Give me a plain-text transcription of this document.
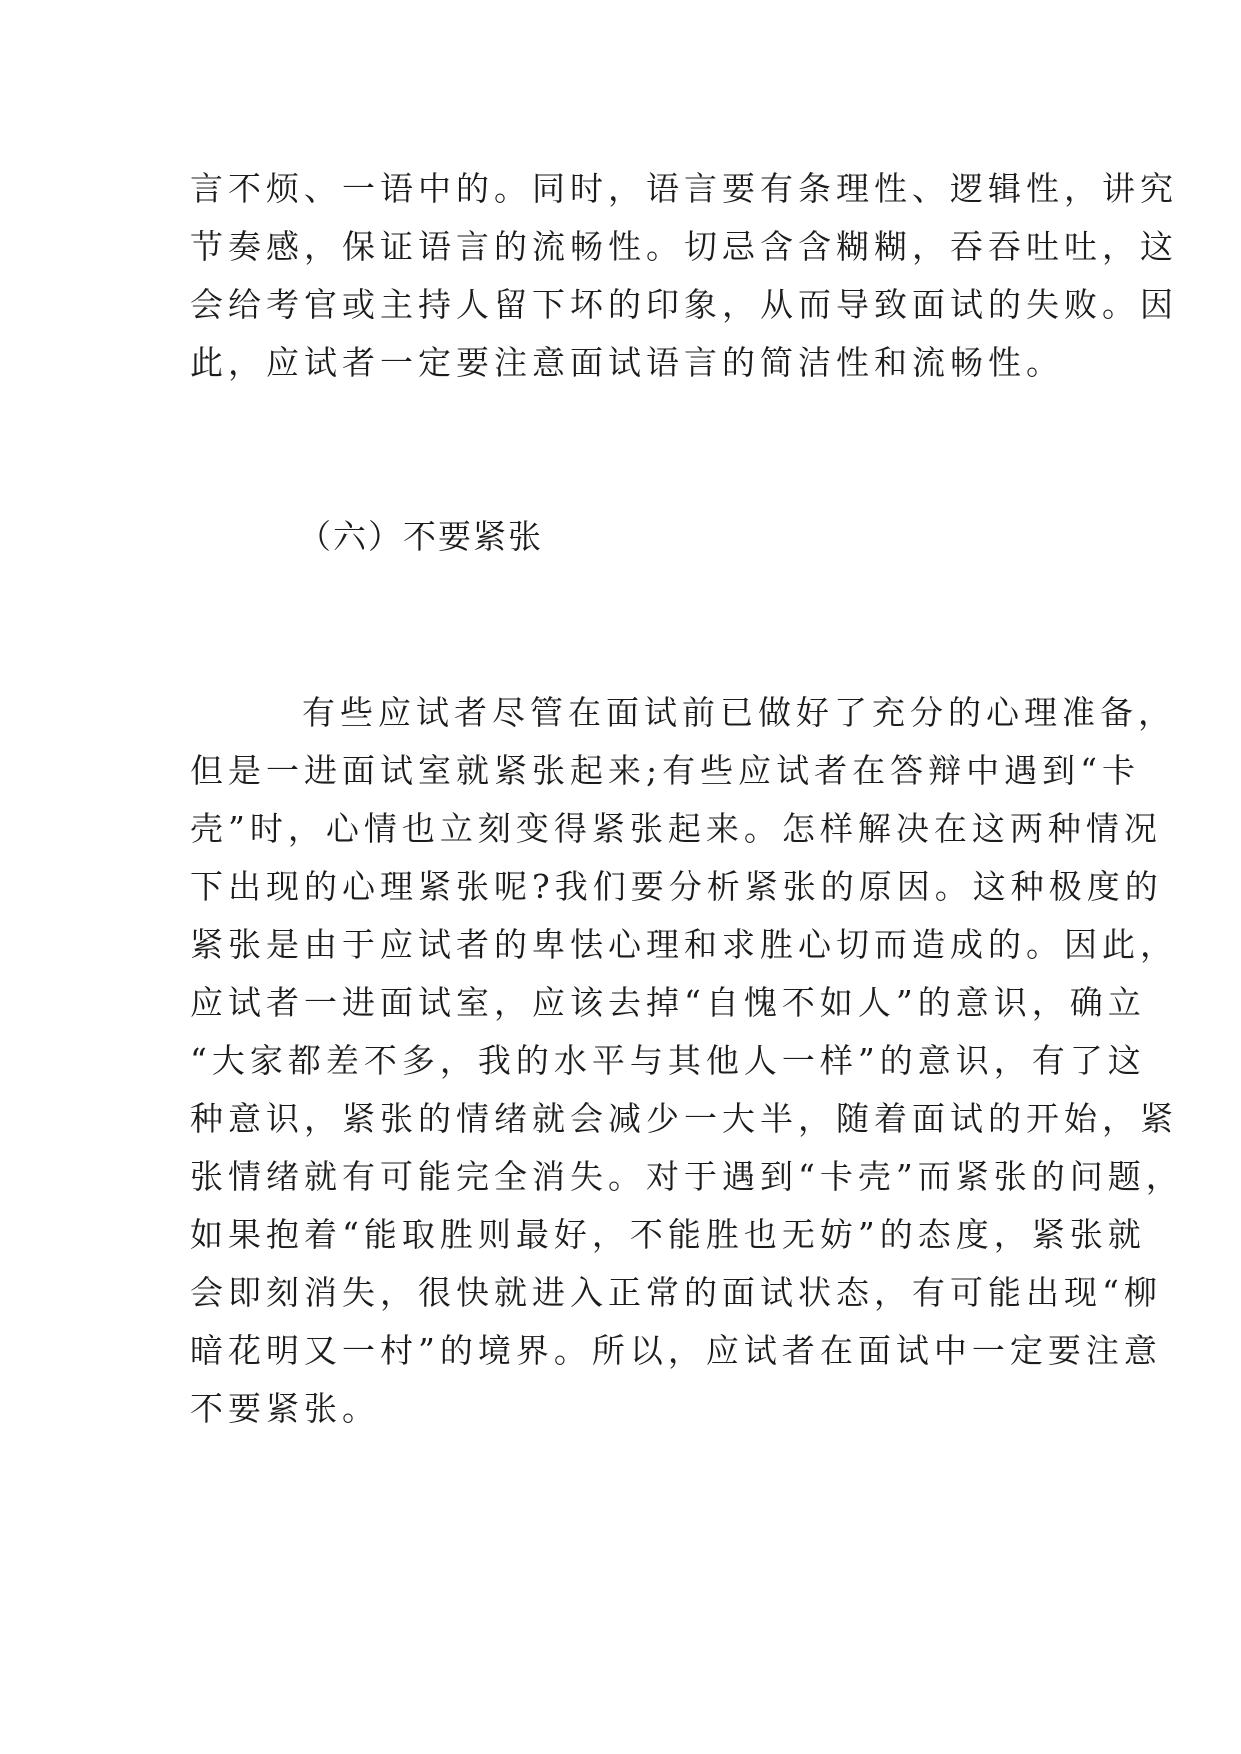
言不烦、一语中的。同时，语言要有条理性、逻辑性，讲究
节奏感，保证语言的流畅性。切忌含含糊糊，吞吞吐吐，这
会给考官或主持人留下坏的印象，从而导致面试的失败。因
此，应试者一定要注意面试语言的简洁性和流畅性。
（六）不要紧张
有些应试者尽管在面试前已做好了充分的心理准备，
但是一进面试室就紧张起来;有些应试者在答辩中遇到“卡
壳”时，心情也立刻变得紧张起来。怎样解决在这两种情况
下出现的心理紧张呢?我们要分析紧张的原因。这种极度的
紧张是由于应试者的卑怯心理和求胜心切而造成的。因此，
应试者一进面试室，应该去掉“自愧不如人”的意识，确立
“大家都差不多，我的水平与其他人一样”的意识，有了这
种意识，紧张的情绪就会减少一大半，随着面试的开始，紧
张情绪就有可能完全消失。对于遇到“卡壳”而紧张的问题，
如果抱着“能取胜则最好，不能胜也无妨”的态度，紧张就
会即刻消失，很快就进入正常的面试状态，有可能出现“柳
暗花明又一村”的境界。所以，应试者在面试中一定要注意
不要紧张。
